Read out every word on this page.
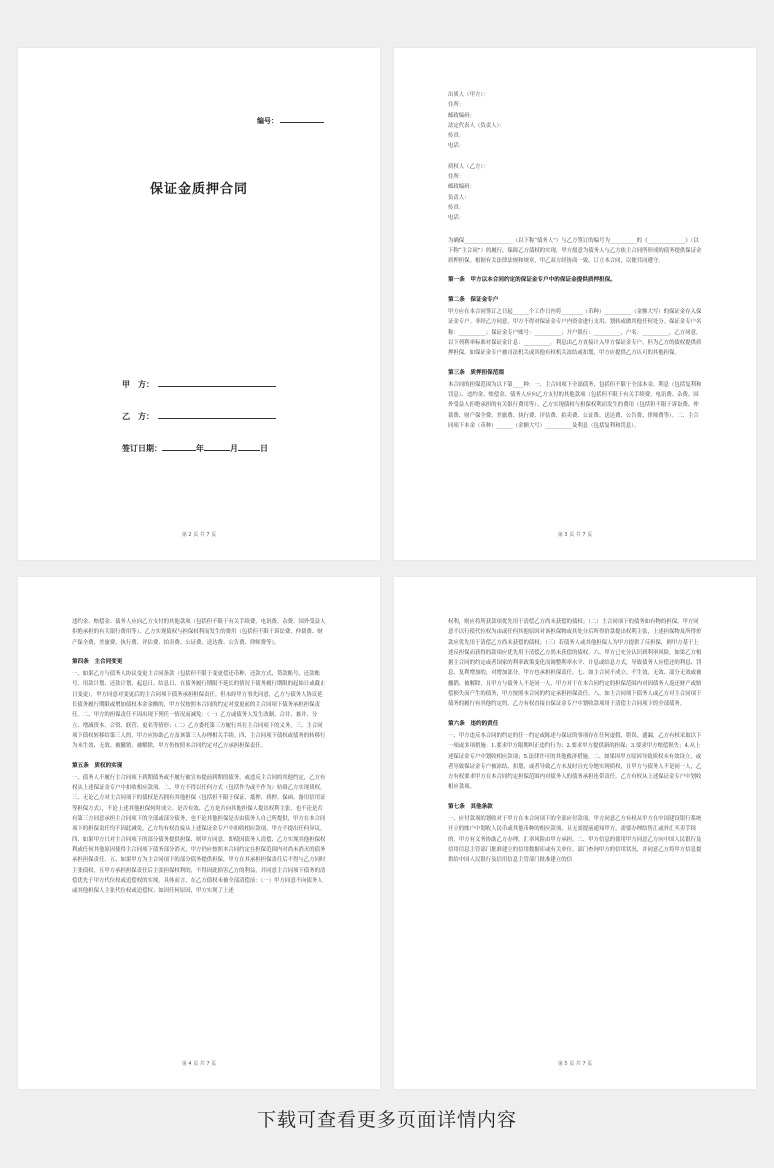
编号：
保证金质押合同
甲　方：
乙　方：
签订日期：	年	月	日
第 2 页 共 7 页

出质人（甲方）：

住所：

邮政编码：

法定代表人（负责人）：

传真：

电话：

质权人（乙方）：

住所：

邮政编码：

负责人：

传真：

电话：

为确保__________________（以下称“债务人”）与乙方签订的编号为__________的《______________》（以下称“主合同”）的履行，保障乙方债权的实现，甲方愿意为债务人与乙方依主合同所形成的债务提供保证金质押担保。根据有关法律法规和规章，甲乙双方经协商一致，订立本合同，以便共同遵守。

第一条　甲方以本合同约定的保证金专户中的保证金提供质押担保。
第二条　保证金专户

甲方应在本合同签订之日起______个工作日内将________（币种）__________（金额大写）的保证金存入保证金专户。非经乙方同意，甲方不得对保证金专户内资金进行支用、划转或做其他任何处分。保证金专户名称：__________；保证金专户账号：__________；开户银行：__________，户名：__________，乙方同意，以下列利率标准对保证金计息：__________。利息由乙方直接计入甲方保证金专户，但为乙方的债权提供质押担保。如保证金专户被司法机关或其他有权机关冻结或扣划，甲方应提供乙方认可的其他担保。

第三条　质押担保范围

本合同的担保范围为以下第____种：一、主合同项下全部债务，包括但不限于全部本金、利息（包括复利和罚息）、违约金、赔偿金、债务人应向乙方支付的其他款项（包括但不限于有关手续费、电讯费、杂费、国外受益人拒绝承担的有关银行费用等）、乙方实现债权与担保权利而发生的费用（包括但不限于诉讼费、仲裁费、财产保全费、差旅费、执行费、评估费、拍卖费、公证费、送达费、公告费、律师费等）。二、主合同项下本金（币种）______（金额大写）__________及利息（包括复利和罚息）。

第 3 页 共 7 页

违约金、赔偿金、债务人应向乙方支付的其他款项（包括但不限于有关手续费、电讯费、杂费、国外受益人拒绝承担的有关银行费用等）、乙方实现债权与担保权利而发生的费用（包括但不限于诉讼费、仲裁费、财产保全费、差旅费、执行费、评估费、拍卖费、公证费、送达费、公告费、律师费等）。

第四条　主合同变更

一、如果乙方与债务人协议变更主合同条款（包括但不限于变更偿还币种、还款方式、贷款账号、还款账号、用款计划、还款计划、起息日、结息日、在债务履行期限不延长的情况下债务履行期限的起始日或截止日变更），甲方同意对变更后的主合同项下债务承担担保责任。但未经甲方事先同意，乙方与债务人协议延长债务履行期限或增加债权本金金额的，甲方仅按照本合同的约定对变更前的主合同项下债务承担担保责任。二、甲方的担保责任不因出现下列任一情况而减免：（一）乙方或债务人发生改制、合并、兼并、分立、增减资本、合资、联营、更名等情形；（二）乙方委托第三方履行其在主合同项下的义务。三、主合同项下债权转移给第三人的，甲方应协助乙方及该第三人办理相关手续。四、主合同项下债权或债务的转移行为未生效、无效、被撤销、被解除，甲方仍按照本合同约定对乙方承担担保责任。

第五条　质权的实现

一、债务人不履行主合同项下到期债务或不履行被宣布提前到期的债务，或违反主合同的其他约定，乙方有权从上述保证金专户中扣收相应款项。二、甲方不得以任何方式（包括作为或不作为）妨碍乙方实现质权。三、无论乙方对主合同项下的债权是否拥有其他担保（包括但不限于保证、抵押、质押、保函、备用信用证等担保方式），不论上述其他担保何时成立、是否有效、乙方是否向其他担保人提出权利主张，也不论是否有第三方同意承担主合同项下的全部或部分债务，也不论其他担保是否由债务人自己所提供，甲方在本合同项下的担保责任均不因此减免，乙方均有权直接从上述保证金专户中扣收相应款项，甲方不提出任何异议。四、如果甲方只对主合同项下的部分债务提供担保，则甲方同意，即使因债务人清偿、乙方实现其他担保权利或任何其他原因使得主合同项下债务部分消灭，甲方仍应按照本合同约定在担保范围内对尚未消灭的债务承担担保责任。五、如果甲方为主合同项下的部分债务提供担保，甲方在其承担担保责任后不得与乙方同时主张债权，且甲方承担担保责任后主张担保权利的，不得因此损害乙方的利益，并同意主合同项下债务的清偿优先于甲方代位权或追偿权的实现。具体而言，在乙方债权未被全部清偿前：（一）甲方同意不向债务人或其他担保人主张代位权或追偿权；如因任何原因，甲方实现了上述

第 4 页 共 7 页

权利，则应将所获款项优先用于清偿乙方尚未获偿的债权；（二）主合同项下的债务如有物的担保，甲方同意不以行使代位权为由或任何其他原因对该担保物或其处分后所得价款提出权利主张，上述担保物及所得价款应优先用于清偿乙方尚未获偿的债权；（三）若债务人或其他担保人为甲方提供了反担保，则甲方基于上述反担保而获得的款项应优先用于清偿乙方尚未获偿的债权。六、甲方已充分认识到利率风险，如果乙方根据主合同的约定或者国家的利率政策变化而调整利率水平、计息或结息方式，导致债务人应偿还的利息、罚息、复利增加的，对增加部分，甲方也承担担保责任。七、如主合同不成立、不生效、无效、部分无效或被撤销、被解除，且甲方与债务人不是同一人，甲方对于在本合同约定的担保范围内对因债务人返还财产或赔偿损失而产生的债务，甲方按照本合同的约定承担担保责任。八、如主合同项下债务人或乙方对主合同项下债务的履行有其他约定的，乙方有权直接自保证金专户中划收款项用于清偿主合同项下的全部债务。

第六条　违约的责任

一、甲方违反本合同的约定的任一约定或陈述与保证的事项存在任何虚假、错误、遗漏，乙方有权采取以下一项或多项措施：1.要求甲方限期纠正违约行为；2.要求甲方提供新的担保；3.要求甲方赔偿损失；4.从上述保证金专户中划收相应款项；5.法律许可的其他救济措施。二、如果因甲方原因导致质权未有效设立，或者导致保证金专户被冻结、扣划，或者导致乙方未及时且充分地实现质权，且甲方与债务人不是同一人，乙方有权要求甲方在本合同约定担保范围内对债务人的债务承担连带责任。乙方有权从上述保证金专户中划收相应款项。

第七条　其他条款

一、应付款项的划收对于甲方在本合同项下的全部应付款项，甲方同意乙方有权从甲方在中国建设银行系统开立的账户中划收人民币或其他币种的相应款项，且无需提前通知甲方。需要办理结售汇或外汇买卖手续的，甲方有义务协助乙方办理，汇率风险由甲方承担。二、甲方信息的使用甲方同意乙方向中国人民银行及信用信息主管部门批准建立的信用数据库或有关单位、部门查询甲方的信用状况，并同意乙方将甲方信息提供给中国人民银行及信用信息主管部门批准建立的信

第 5 页 共 7 页
下载可查看更多页面详情内容
